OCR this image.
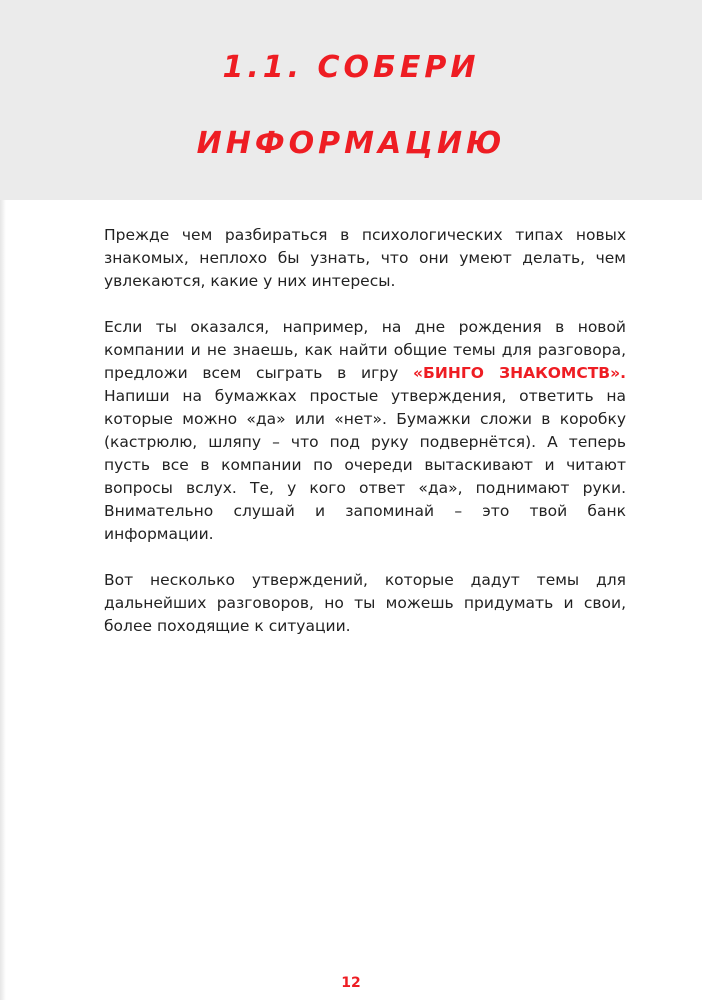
1.1. СОБЕРИ
ИНФОРМАЦИЮ

Прежде чем разбираться в психологических типах новых знакомых, неплохо бы узнать, что они умеют делать, чем увлекаются, какие у них интересы.

Если ты оказался, например, на дне рождения в новой компании и не знаешь, как найти общие темы для разговора, предложи всем сыграть в игру «БИНГО ЗНАКОМСТВ». Напиши на бумажках простые утверждения, ответить на которые можно «да» или «нет». Бумажки сложи в коробку (кастрюлю, шляпу – что под руку подвернётся). А теперь пусть все в компании по очереди вытаскивают и читают вопросы вслух. Те, у кого ответ «да», поднимают руки. Внимательно слушай и запоминай – это твой банк информации.

Вот несколько утверждений, которые дадут темы для дальнейших разговоров, но ты можешь придумать и свои, более походящие к ситуации.

12
